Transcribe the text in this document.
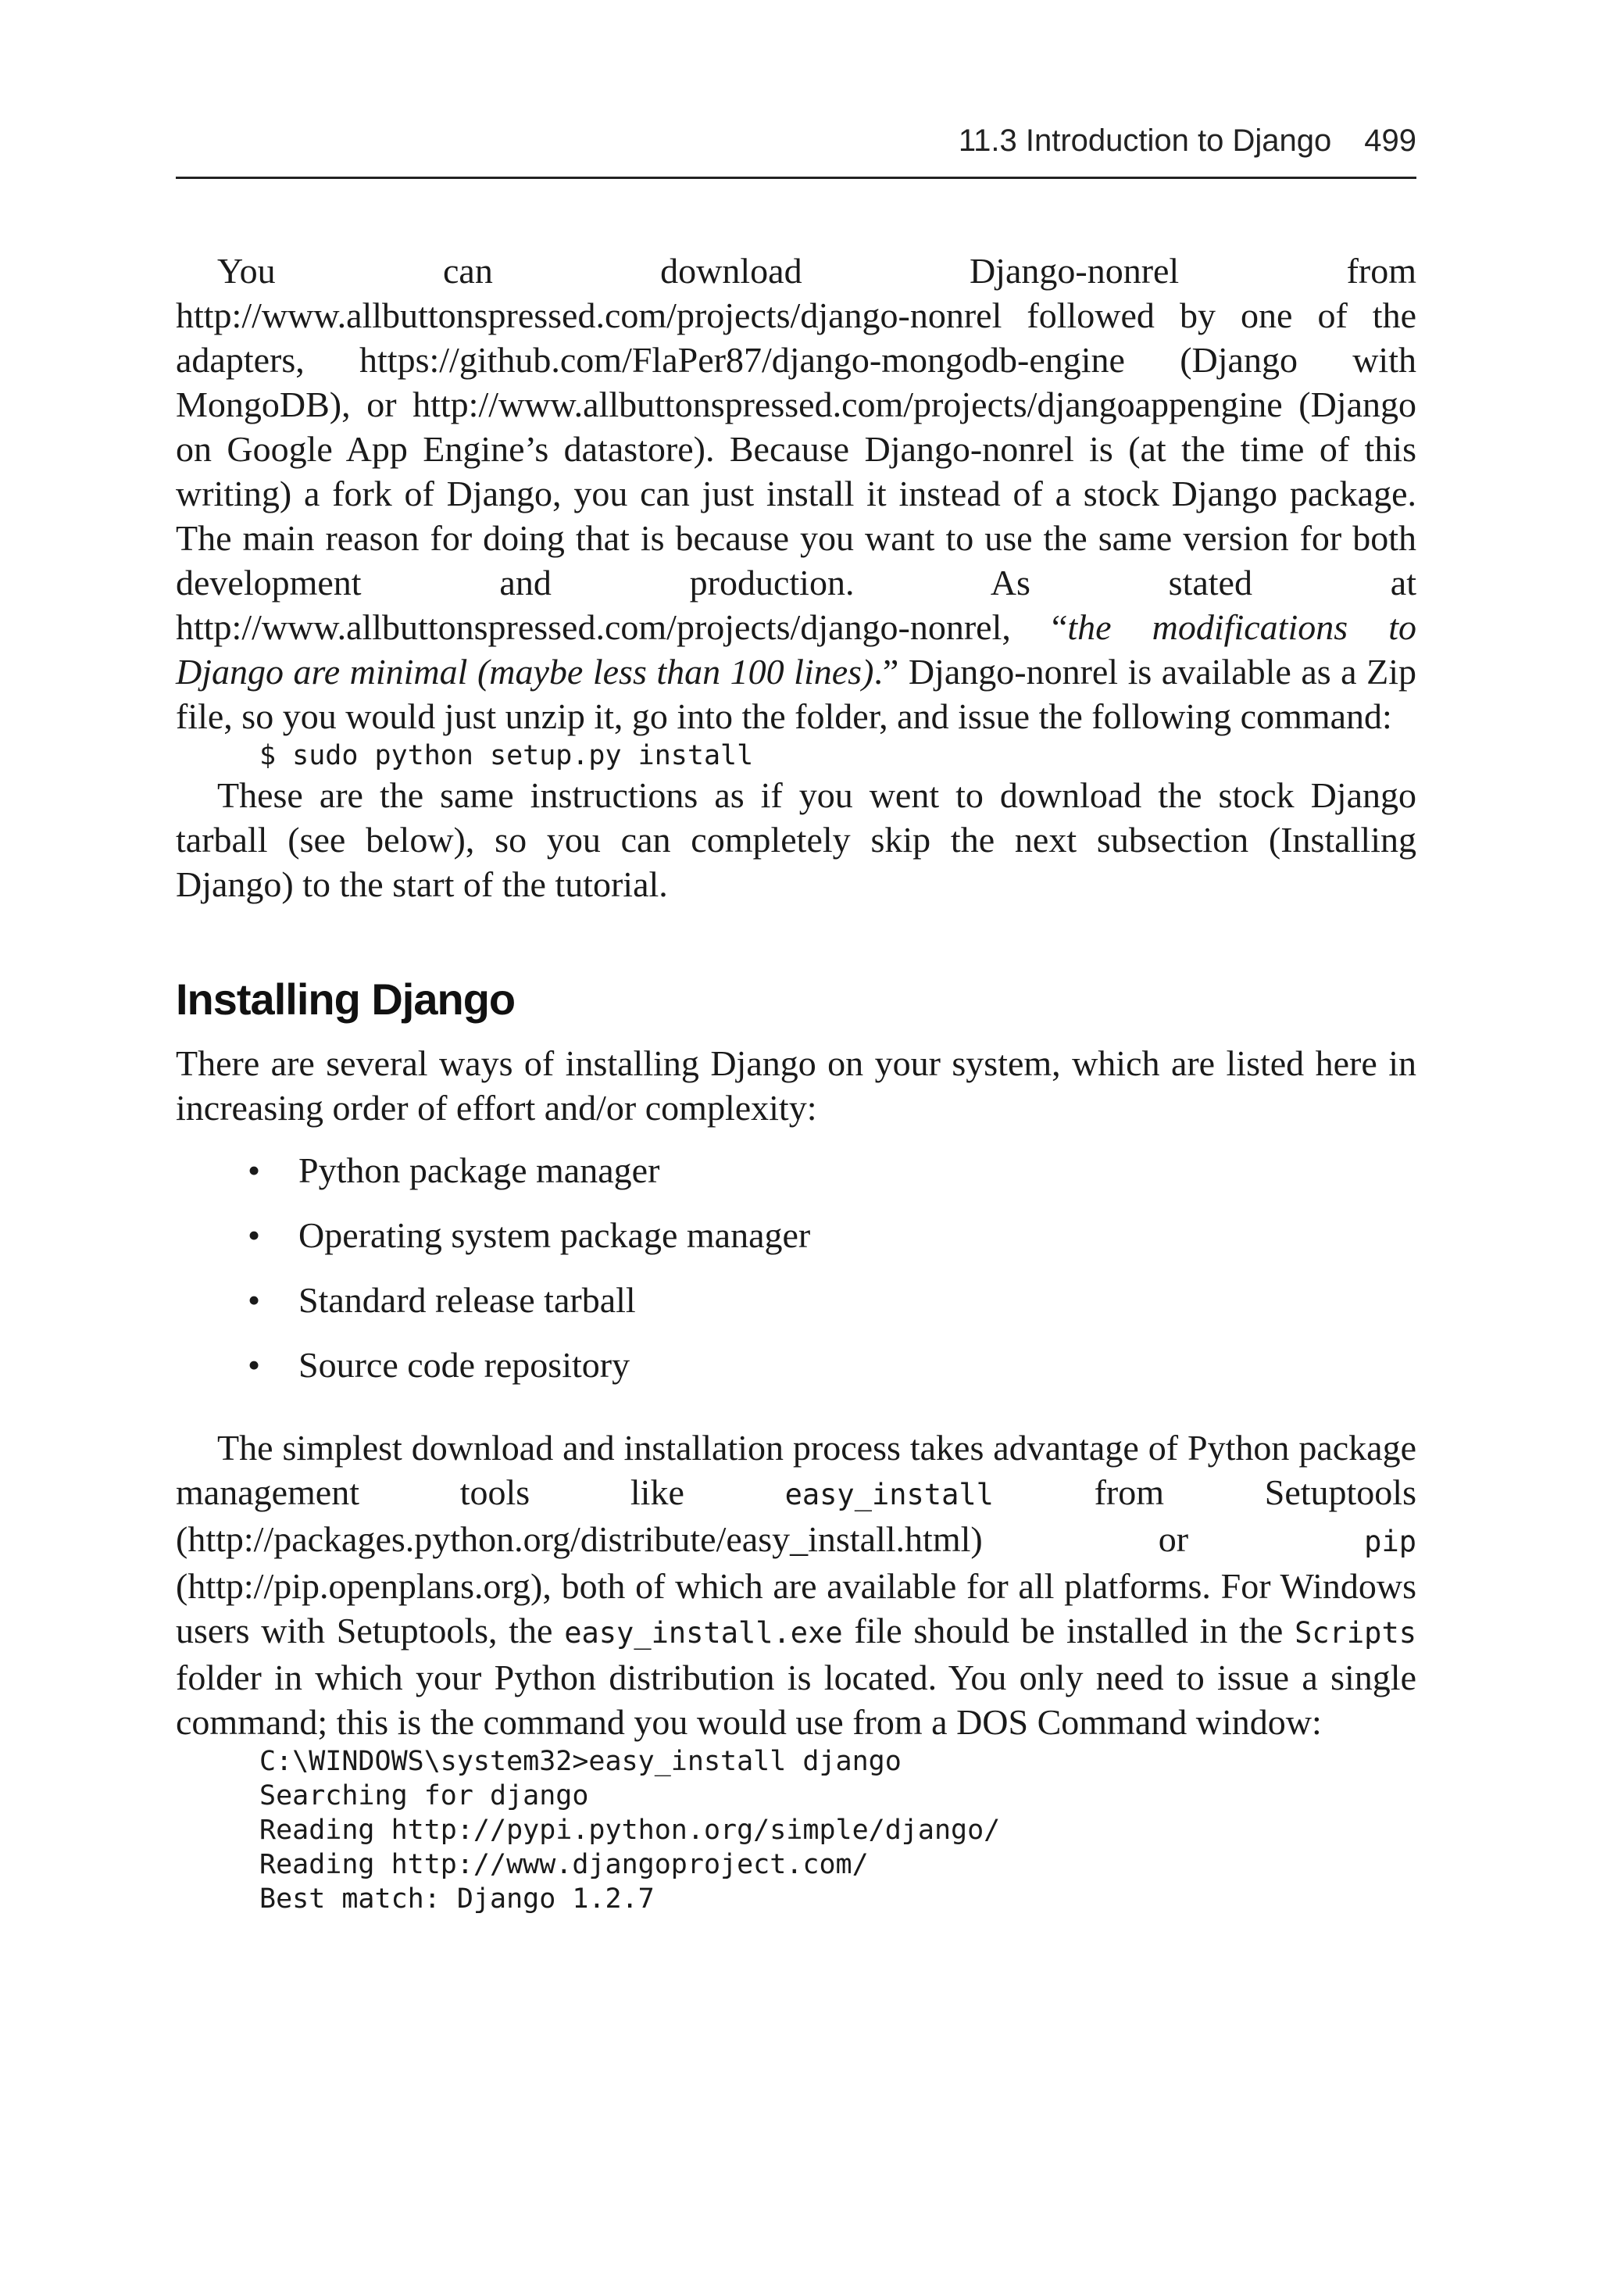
11.3 Introduction to Django 499

You can download Django-nonrel from http://www.allbuttonspressed.com/projects/django-nonrel followed by one of the adapters, https://github.com/FlaPer87/django-mongodb-engine (Django with MongoDB), or http://www.allbuttonspressed.com/projects/djangoappengine (Django on Google App Engine’s datastore). Because Django-nonrel is (at the time of this writing) a fork of Django, you can just install it instead of a stock Django package. The main reason for doing that is because you want to use the same version for both development and production. As stated at http://www.allbuttonspressed.com/projects/django-nonrel, “the modifications to Django are minimal (maybe less than 100 lines).” Django-nonrel is available as a Zip file, so you would just unzip it, go into the folder, and issue the following command:

$ sudo python setup.py install

These are the same instructions as if you went to download the stock Django tarball (see below), so you can completely skip the next subsection (Installing Django) to the start of the tutorial.

Installing Django

There are several ways of installing Django on your system, which are listed here in increasing order of effort and/or complexity:

• Python package manager
• Operating system package manager
• Standard release tarball
• Source code repository

The simplest download and installation process takes advantage of Python package management tools like easy_install from Setuptools (http://packages.python.org/distribute/easy_install.html) or pip (http://pip.openplans.org), both of which are available for all platforms. For Windows users with Setuptools, the easy_install.exe file should be installed in the Scripts folder in which your Python distribution is located. You only need to issue a single command; this is the command you would use from a DOS Command window:

C:\WINDOWS\system32>easy_install django
Searching for django
Reading http://pypi.python.org/simple/django/
Reading http://www.djangoproject.com/
Best match: Django 1.2.7
